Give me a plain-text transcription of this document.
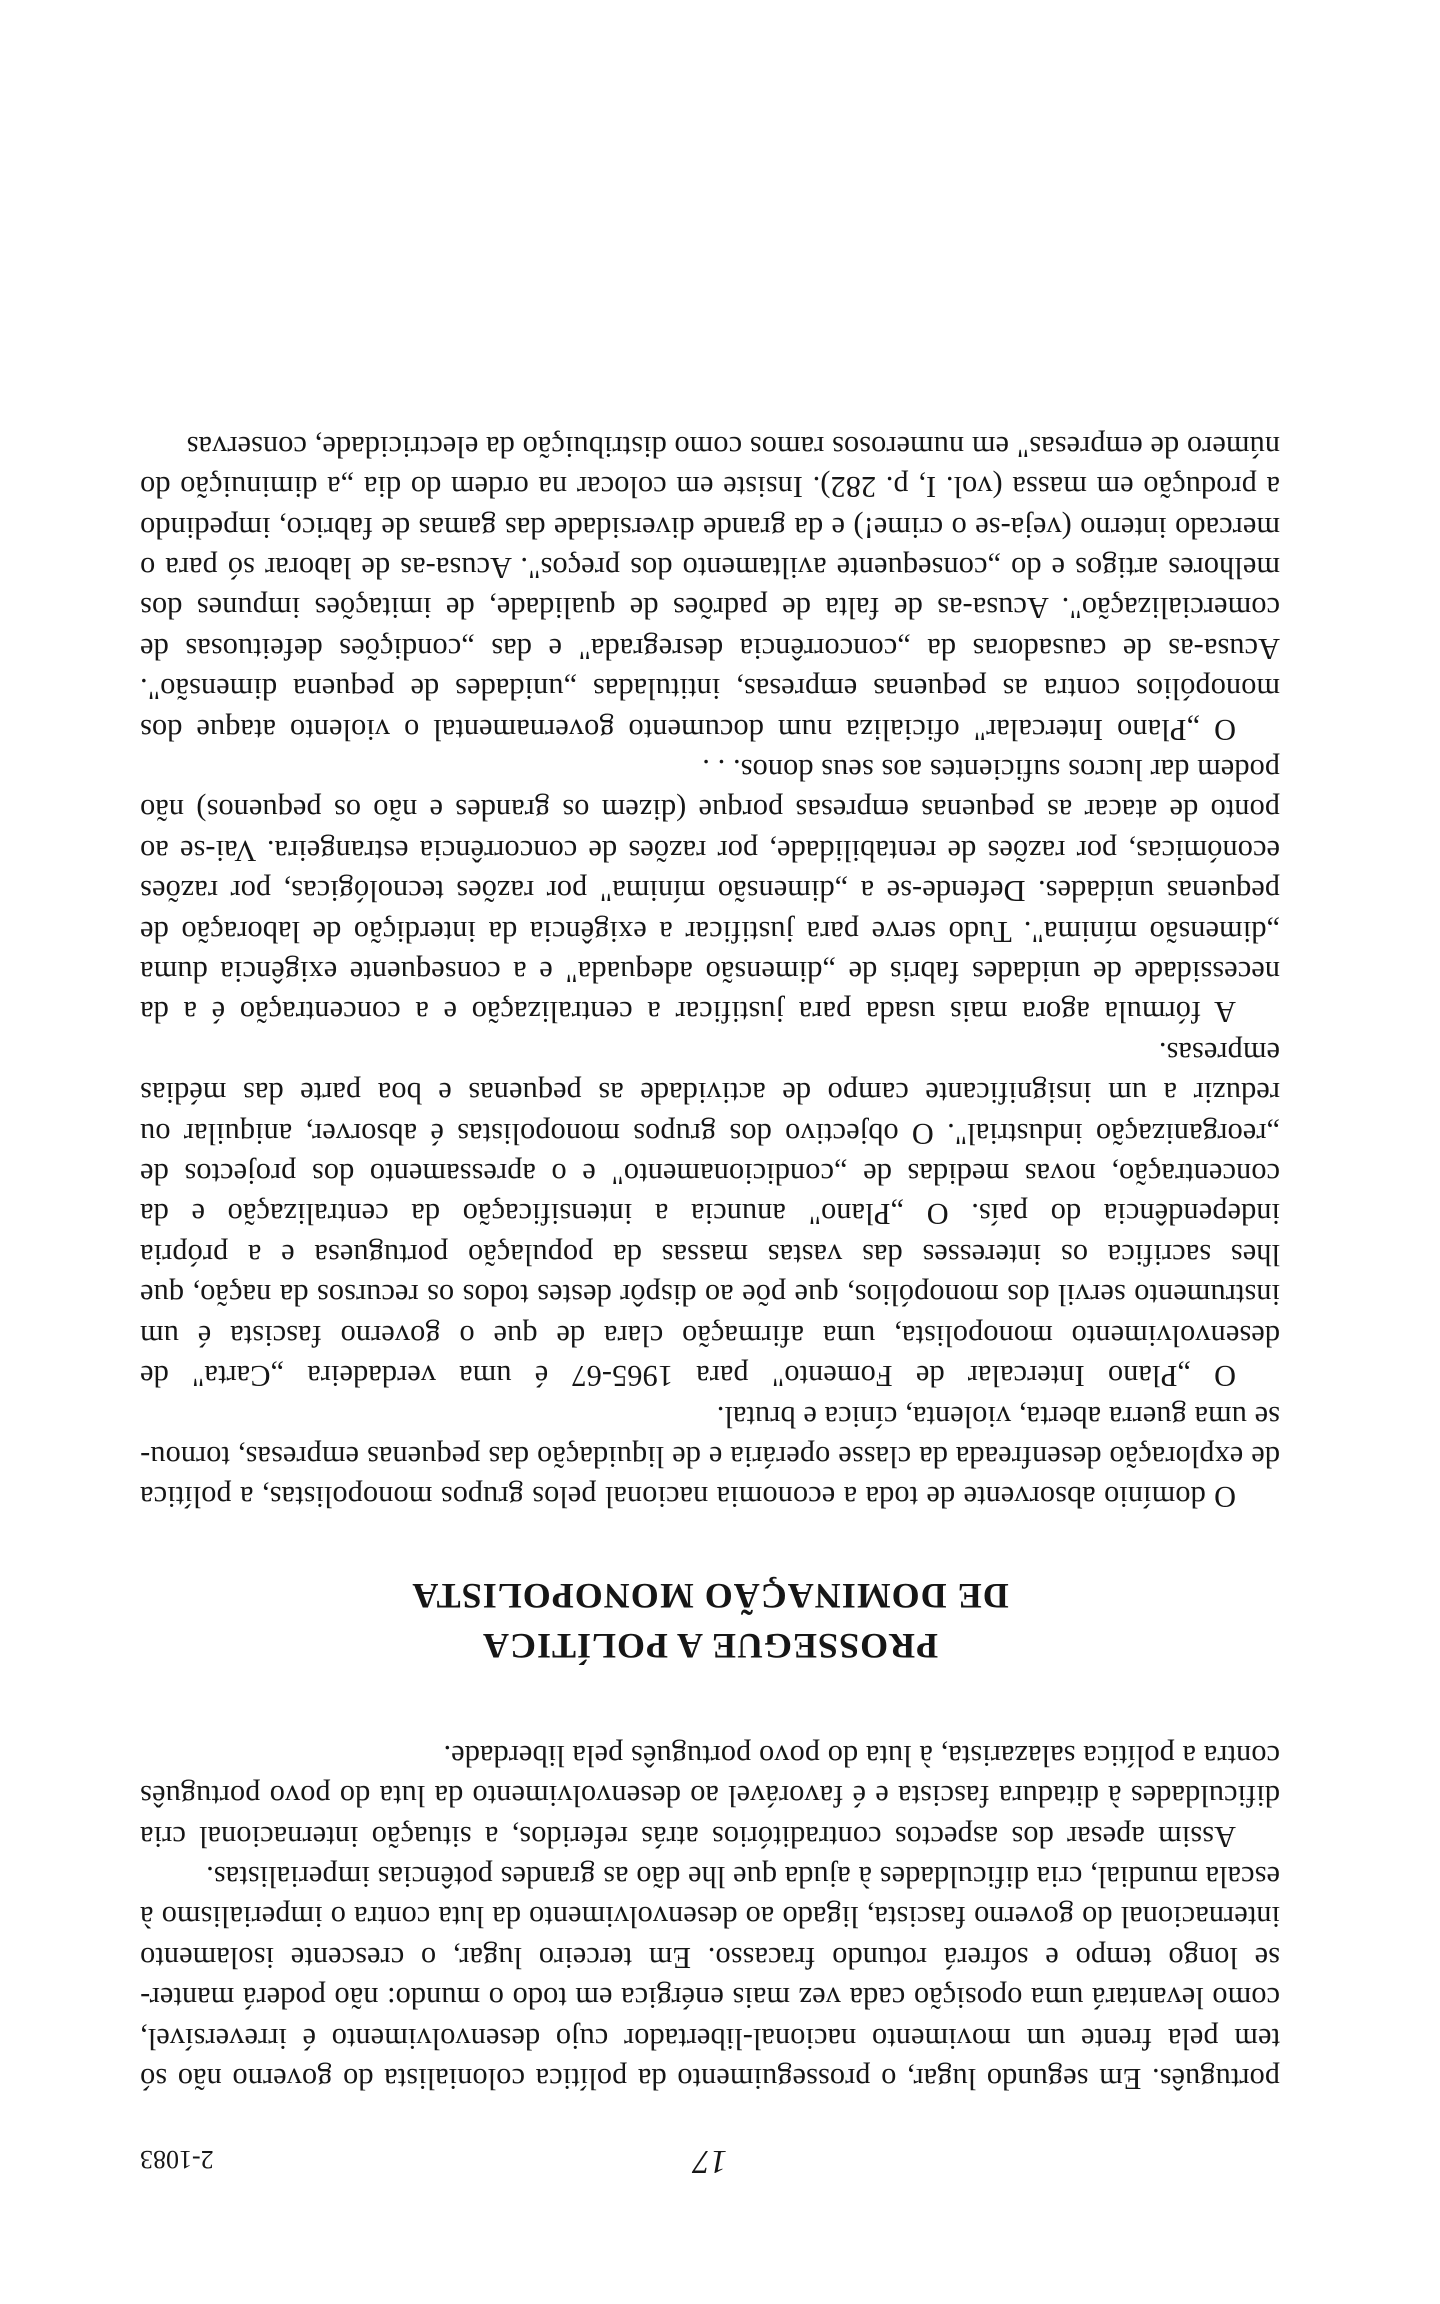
17
2-1083

português. Em segundo lugar, o prosseguimento da política colonialista do governo não só tem pela frente um movimento nacional-libertador cujo desenvolvimento é irreversível, como levantará uma oposição cada vez mais enérgica em todo o mundo: não poderá manter-se longo tempo e sofrerá rotundo fracasso. Em terceiro lugar, o crescente isolamento internacional do governo fascista, ligado ao desenvolvimento da luta contra o imperialismo à escala mundial, cria dificuldades à ajuda que lhe dão as grandes potências imperialistas.

Assim apesar dos aspectos contraditórios atrás referidos, a situação internacional cria dificuldades à ditadura fascista e é favorável ao desenvolvimento da luta do povo português contra a política salazarista, à luta do povo português pela liberdade.

PROSSEGUE A POLÍTICA
DE DOMINAÇÃO MONOPOLISTA

O domínio absorvente de toda a economia nacional pelos grupos monopolistas, a política de exploração desenfreada da classe operária e de liquidação das pequenas empresas, tornou-se uma guerra aberta, violenta, cínica e brutal.

O „Plano Intercalar de Fomento" para 1965-67 é uma verdadeira „Carta" de desenvolvimento monopolista, uma afirmação clara de que o governo fascista é um instrumento servil dos monopólios, que põe ao dispôr destes todos os recursos da nação, que lhes sacrifica os interesses das vastas massas da população portuguesa e a própria independência do país. O „Plano" anuncia a intensificação da centralização e da concentração, novas medidas de „condicionamento" e o apressamento dos projectos de „reorganização industrial". O objectivo dos grupos monopolistas é absorver, aniquilar ou reduzir a um insignificante campo de actividade as pequenas e boa parte das médias empresas.

A fórmula agora mais usada para justificar a centralização e a concentração é a da necessidade de unidades fabris de „dimensão adequada" e a consequente exigência duma „dimensão mínima". Tudo serve para justificar a exigência da interdição de laboração de pequenas unidades. Defende-se a „dimensão mínima" por razões tecnológicas, por razões económicas, por razões de rentabilidade, por razões de concorrência estrangeira. Vai-se ao ponto de atacar as pequenas empresas porque (dizem os grandes e não os pequenos) não podem dar lucros suficientes aos seus donos. . .

O „Plano Intercalar" oficializa num documento governamental o violento ataque dos monopólios contra as pequenas empresas, intituladas „unidades de pequena dimensão". Acusa-as de causadoras da „concorrência desregrada" e das „condições defeituosas de comercialização". Acusa-as de falta de padrões de qualidade, de imitações impunes dos melhores artigos e do „consequente aviltamento dos preços". Acusa-as de laborar só para o mercado interno (veja-se o crime!) e da grande diversidade das gamas de fabrico, impedindo a produção em massa (vol. I, p. 282). Insiste em colocar na ordem do dia „a diminuição do número de empresas" em numerosos ramos como distribuição da electricidade, conservas
